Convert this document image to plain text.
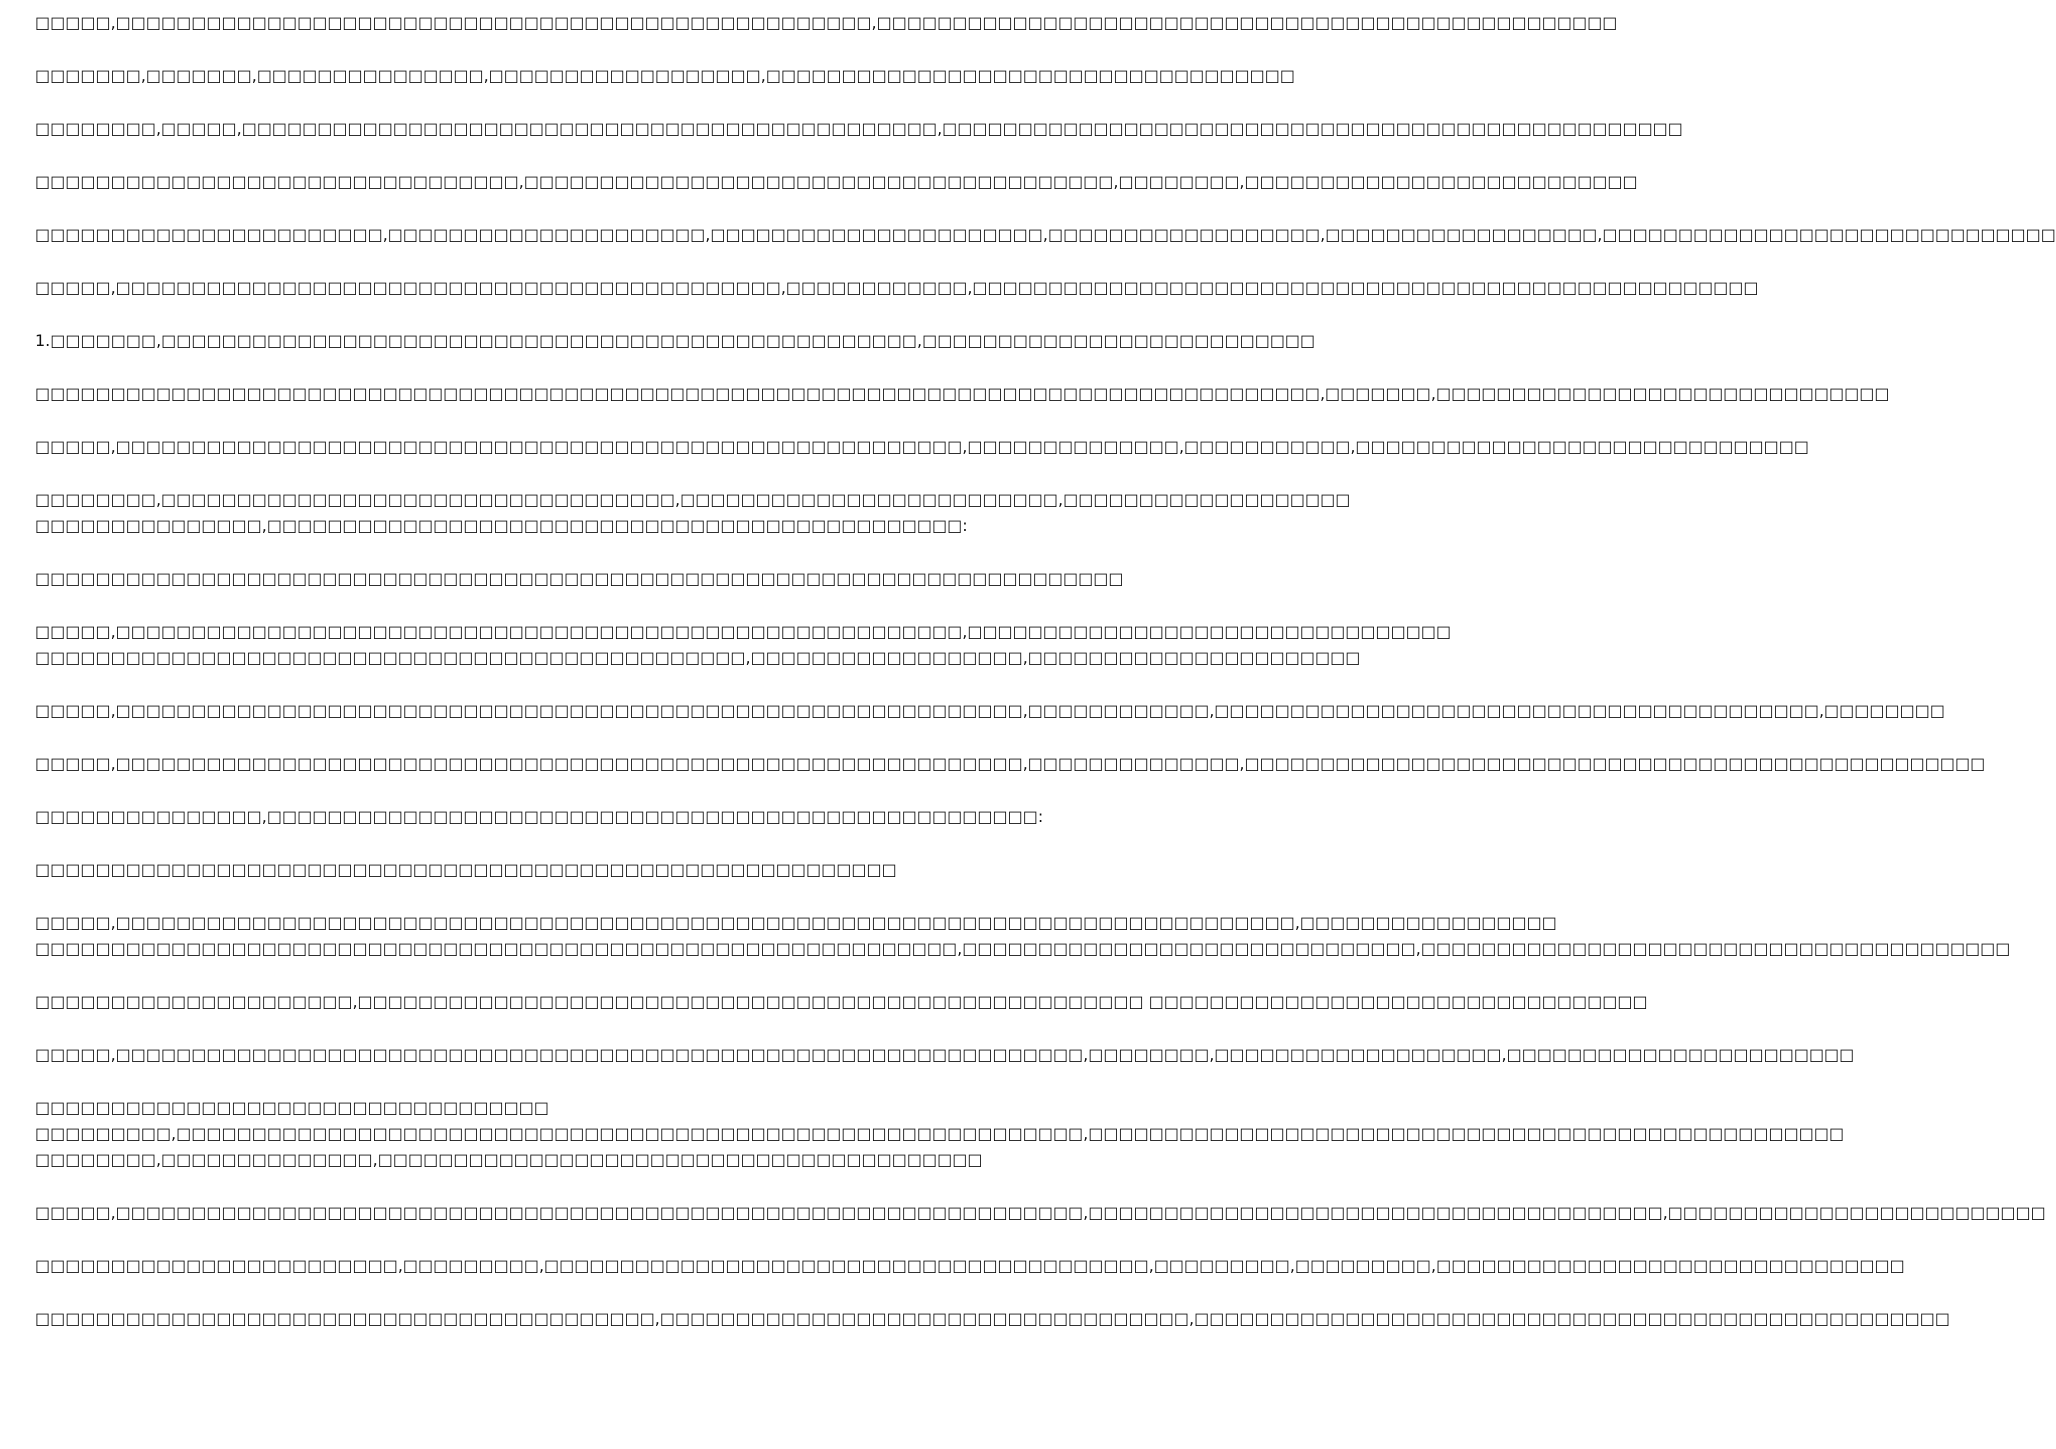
□□□□□,□□□□□□□□□□□□□□□□□□□□□□□□□□□□□□□□□□□□□□□□□□□□□□□□□□,□□□□□□□□□□□□□□□□□□□□□□□□□□□□□□□□□□□□□□□□□□□□□□□□□
□□□□□□□,□□□□□□□,□□□□□□□□□□□□□□□,□□□□□□□□□□□□□□□□□□,□□□□□□□□□□□□□□□□□□□□□□□□□□□□□□□□□□□
□□□□□□□□,□□□□□,□□□□□□□□□□□□□□□□□□□□□□□□□□□□□□□□□□□□□□□□□□□□□□,□□□□□□□□□□□□□□□□□□□□□□□□□□□□□□□□□□□□□□□□□□□□□□□□□
□□□□□□□□□□□□□□□□□□□□□□□□□□□□□□□□,□□□□□□□□□□□□□□□□□□□□□□□□□□□□□□□□□□□□□□□,□□□□□□□□,□□□□□□□□□□□□□□□□□□□□□□□□□□
□□□□□□□□□□□□□□□□□□□□□□□,□□□□□□□□□□□□□□□□□□□□□,□□□□□□□□□□□□□□□□□□□□□□,□□□□□□□□□□□□□□□□□□,□□□□□□□□□□□□□□□□□□,□□□□□□□□□□□□□□□□□□□□□□□□□□□□□□
□□□□□,□□□□□□□□□□□□□□□□□□□□□□□□□□□□□□□□□□□□□□□□□□□□,□□□□□□□□□□□□,□□□□□□□□□□□□□□□□□□□□□□□□□□□□□□□□□□□□□□□□□□□□□□□□□□□□
1.□□□□□□□,□□□□□□□□□□□□□□□□□□□□□□□□□□□□□□□□□□□□□□□□□□□□□□□□□□,□□□□□□□□□□□□□□□□□□□□□□□□□□
□□□□□□□□□□□□□□□□□□□□□□□□□□□□□□□□□□□□□□□□□□□□□□□□□□□□□□□□□□□□□□□□□□□□□□□□□□□□□□□□□□□□□,□□□□□□□,□□□□□□□□□□□□□□□□□□□□□□□□□□□□□□
□□□□□,□□□□□□□□□□□□□□□□□□□□□□□□□□□□□□□□□□□□□□□□□□□□□□□□□□□□□□□□,□□□□□□□□□□□□□□,□□□□□□□□□□□,□□□□□□□□□□□□□□□□□□□□□□□□□□□□□□
□□□□□□□□,□□□□□□□□□□□□□□□□□□□□□□□□□□□□□□□□□□,□□□□□□□□□□□□□□□□□□□□□□□□□,□□□□□□□□□□□□□□□□□□□
□□□□□□□□□□□□□□□,□□□□□□□□□□□□□□□□□□□□□□□□□□□□□□□□□□□□□□□□□□□□□□:
□□□□□□□□□□□□□□□□□□□□□□□□□□□□□□□□□□□□□□□□□□□□□□□□□□□□□□□□□□□□□□□□□□□□□□□□
□□□□□,□□□□□□□□□□□□□□□□□□□□□□□□□□□□□□□□□□□□□□□□□□□□□□□□□□□□□□□□,□□□□□□□□□□□□□□□□□□□□□□□□□□□□□□□□
□□□□□□□□□□□□□□□□□□□□□□□□□□□□□□□□□□□□□□□□□□□□□□□,□□□□□□□□□□□□□□□□□□,□□□□□□□□□□□□□□□□□□□□□□
□□□□□,□□□□□□□□□□□□□□□□□□□□□□□□□□□□□□□□□□□□□□□□□□□□□□□□□□□□□□□□□□□□,□□□□□□□□□□□□,□□□□□□□□□□□□□□□□□□□□□□□□□□□□□□□□□□□□□□□□,□□□□□□□□
□□□□□,□□□□□□□□□□□□□□□□□□□□□□□□□□□□□□□□□□□□□□□□□□□□□□□□□□□□□□□□□□□□,□□□□□□□□□□□□□□,□□□□□□□□□□□□□□□□□□□□□□□□□□□□□□□□□□□□□□□□□□□□□□□□□
□□□□□□□□□□□□□□□,□□□□□□□□□□□□□□□□□□□□□□□□□□□□□□□□□□□□□□□□□□□□□□□□□□□:
□□□□□□□□□□□□□□□□□□□□□□□□□□□□□□□□□□□□□□□□□□□□□□□□□□□□□□□□□
□□□□□,□□□□□□□□□□□□□□□□□□□□□□□□□□□□□□□□□□□□□□□□□□□□□□□□□□□□□□□□□□□□□□□□□□□□□□□□□□□□□□,□□□□□□□□□□□□□□□□□
□□□□□□□□□□□□□□□□□□□□□□□□□□□□□□□□□□□□□□□□□□□□□□□□□□□□□□□□□□□□□,□□□□□□□□□□□□□□□□□□□□□□□□□□□□□□,□□□□□□□□□□□□□□□□□□□□□□□□□□□□□□□□□□□□□□□
□□□□□□□□□□□□□□□□□□□□□,□□□□□□□□□□□□□□□□□□□□□□□□□□□□□□□□□□□□□□□□□□□□□□□□□□□□ □□□□□□□□□□□□□□□□□□□□□□□□□□□□□□□□□
□□□□□,□□□□□□□□□□□□□□□□□□□□□□□□□□□□□□□□□□□□□□□□□□□□□□□□□□□□□□□□□□□□□□□□,□□□□□□□□,□□□□□□□□□□□□□□□□□□□,□□□□□□□□□□□□□□□□□□□□□□□
□□□□□□□□□□□□□□□□□□□□□□□□□□□□□□□□□□
□□□□□□□□□,□□□□□□□□□□□□□□□□□□□□□□□□□□□□□□□□□□□□□□□□□□□□□□□□□□□□□□□□□□□□,□□□□□□□□□□□□□□□□□□□□□□□□□□□□□□□□□□□□□□□□□□□□□□□□□□
□□□□□□□□,□□□□□□□□□□□□□□,□□□□□□□□□□□□□□□□□□□□□□□□□□□□□□□□□□□□□□□□
□□□□□,□□□□□□□□□□□□□□□□□□□□□□□□□□□□□□□□□□□□□□□□□□□□□□□□□□□□□□□□□□□□□□□□,□□□□□□□□□□□□□□□□□□□□□□□□□□□□□□□□□□□□□□,□□□□□□□□□□□□□□□□□□□□□□□□□
□□□□□□□□□□□□□□□□□□□□□□□□,□□□□□□□□□,□□□□□□□□□□□□□□□□□□□□□□□□□□□□□□□□□□□□□□□□,□□□□□□□□□,□□□□□□□□□,□□□□□□□□□□□□□□□□□□□□□□□□□□□□□□□
□□□□□□□□□□□□□□□□□□□□□□□□□□□□□□□□□□□□□□□□□,□□□□□□□□□□□□□□□□□□□□□□□□□□□□□□□□□□□,□□□□□□□□□□□□□□□□□□□□□□□□□□□□□□□□□□□□□□□□□□□□□□□□□□
